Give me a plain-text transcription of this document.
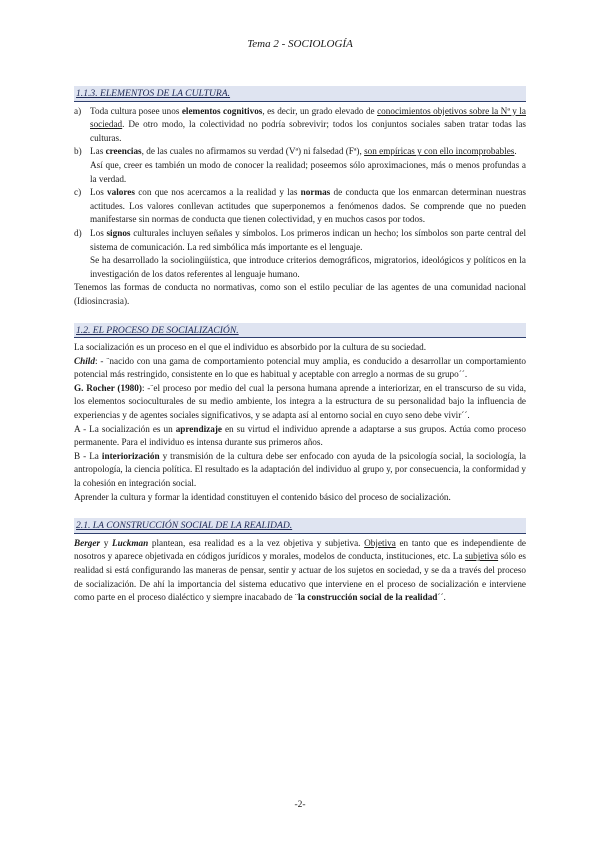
Tema 2 - SOCIOLOGÍA
1.1.3. ELEMENTOS DE LA CULTURA.
a) Toda cultura posee unos elementos cognitivos, es decir, un grado elevado de conocimientos objetivos sobre la Nª y la sociedad. De otro modo, la colectividad no podría sobrevivir; todos los conjuntos sociales saben tratar todas las culturas.
b) Las creencias, de las cuales no afirmamos su verdad (Vª) ni falsedad (Fª), son empíricas y con ello incomprobables.

Así que, creer es también un modo de conocer la realidad; poseemos sólo aproximaciones, más o menos profundas a la verdad.

c) Los valores con que nos acercamos a la realidad y las normas de conducta que los enmarcan determinan nuestras actitudes. Los valores conllevan actitudes que superponemos a fenómenos dados. Se comprende que no pueden manifestarse sin normas de conducta que tienen colectividad, y en muchos casos por todos.
d) Los signos culturales incluyen señales y símbolos. Los primeros indican un hecho; los símbolos son parte central del sistema de comunicación. La red simbólica más importante es el lenguaje.

Se ha desarrollado la sociolingüística, que introduce criterios demográficos, migratorios, ideológicos y políticos en la investigación de los datos referentes al lenguaje humano.

Tenemos las formas de conducta no normativas, como son el estilo peculiar de las agentes de una comunidad nacional (Idiosincrasia).

1.2. EL PROCESO DE SOCIALIZACIÓN.

La socialización es un proceso en el que el individuo es absorbido por la cultura de su sociedad.

Child: - ¨nacido con una gama de comportamiento potencial muy amplia, es conducido a desarrollar un comportamiento potencial más restringido, consistente en lo que es habitual y aceptable con arreglo a normas de su grupo´´.

G. Rocher (1980): -¨el proceso por medio del cual la persona humana aprende a interiorizar, en el transcurso de su vida, los elementos socioculturales de su medio ambiente, los integra a la estructura de su personalidad bajo la influencia de experiencias y de agentes sociales significativos, y se adapta así al entorno social en cuyo seno debe vivir´´.

A - La socialización es un aprendizaje en su virtud el individuo aprende a adaptarse a sus grupos. Actúa como proceso permanente. Para el individuo es intensa durante sus primeros años.

B - La interiorización y transmisión de la cultura debe ser enfocado con ayuda de la psicología social, la sociología, la antropología, la ciencia política. El resultado es la adaptación del individuo al grupo y, por consecuencia, la conformidad y la cohesión en integración social.

Aprender la cultura y formar la identidad constituyen el contenido básico del proceso de socialización.

2.1. LA CONSTRUCCIÓN SOCIAL DE LA REALIDAD.

Berger y Luckman plantean, esa realidad es a la vez objetiva y subjetiva. Objetiva en tanto que es independiente de nosotros y aparece objetivada en códigos jurídicos y morales, modelos de conducta, instituciones, etc. La subjetiva sólo es realidad si está configurando las maneras de pensar, sentir y actuar de los sujetos en sociedad, y se da a través del proceso de socialización. De ahí la importancia del sistema educativo que interviene en el proceso de socialización e interviene como parte en el proceso dialéctico y siempre inacabado de ¨la construcción social de la realidad´´.

-2-
